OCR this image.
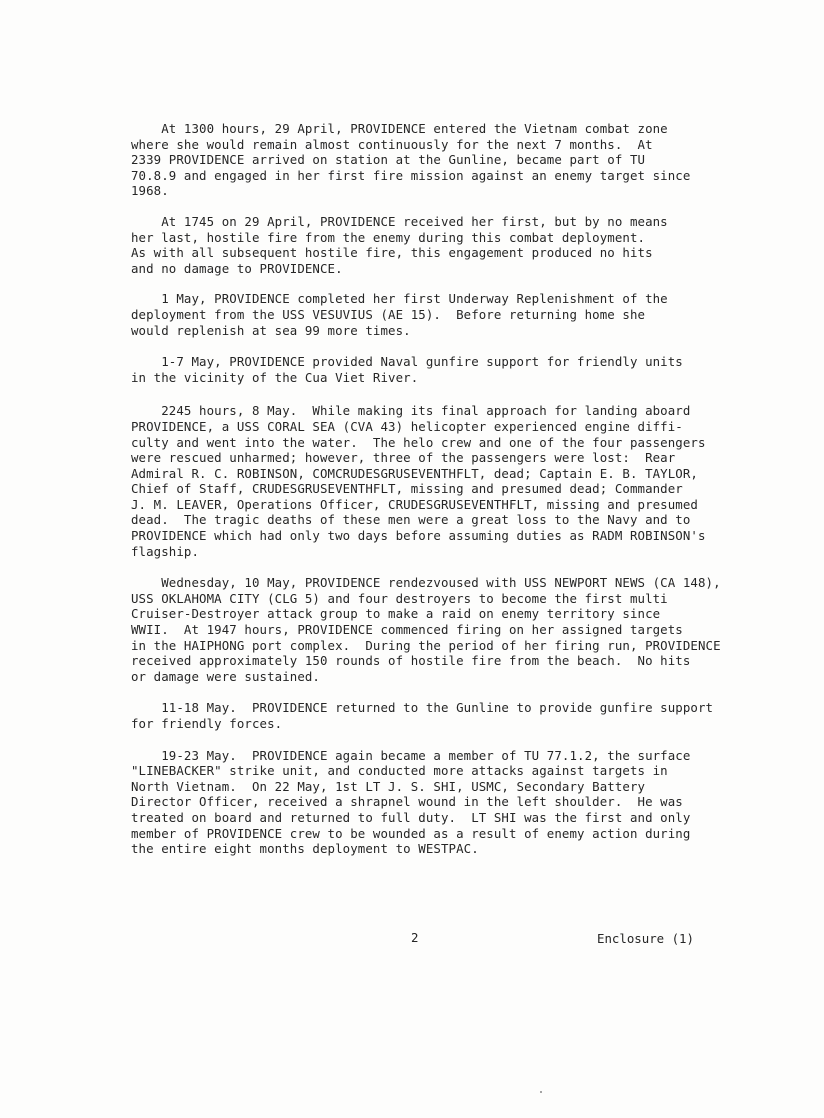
At 1300 hours, 29 April, PROVIDENCE entered the Vietnam combat zone
where she would remain almost continuously for the next 7 months.  At
2339 PROVIDENCE arrived on station at the Gunline, became part of TU
70.8.9 and engaged in her first fire mission against an enemy target since
1968.

At 1745 on 29 April, PROVIDENCE received her first, but by no means
her last, hostile fire from the enemy during this combat deployment.
As with all subsequent hostile fire, this engagement produced no hits
and no damage to PROVIDENCE.

1 May, PROVIDENCE completed her first Underway Replenishment of the
deployment from the USS VESUVIUS (AE 15).  Before returning home she
would replenish at sea 99 more times.

1-7 May, PROVIDENCE provided Naval gunfire support for friendly units
in the vicinity of the Cua Viet River.

2245 hours, 8 May.  While making its final approach for landing aboard
PROVIDENCE, a USS CORAL SEA (CVA 43) helicopter experienced engine diffi-
culty and went into the water.  The helo crew and one of the four passengers
were rescued unharmed; however, three of the passengers were lost:  Rear
Admiral R. C. ROBINSON, COMCRUDESGRUSEVENTHFLT, dead; Captain E. B. TAYLOR,
Chief of Staff, CRUDESGRUSEVENTHFLT, missing and presumed dead; Commander
J. M. LEAVER, Operations Officer, CRUDESGRUSEVENTHFLT, missing and presumed
dead.  The tragic deaths of these men were a great loss to the Navy and to
PROVIDENCE which had only two days before assuming duties as RADM ROBINSON's
flagship.

Wednesday, 10 May, PROVIDENCE rendezvoused with USS NEWPORT NEWS (CA 148),
USS OKLAHOMA CITY (CLG 5) and four destroyers to become the first multi
Cruiser-Destroyer attack group to make a raid on enemy territory since
WWII.  At 1947 hours, PROVIDENCE commenced firing on her assigned targets
in the HAIPHONG port complex.  During the period of her firing run, PROVIDENCE
received approximately 150 rounds of hostile fire from the beach.  No hits
or damage were sustained.

11-18 May.  PROVIDENCE returned to the Gunline to provide gunfire support
for friendly forces.

19-23 May.  PROVIDENCE again became a member of TU 77.1.2, the surface
"LINEBACKER" strike unit, and conducted more attacks against targets in
North Vietnam.  On 22 May, 1st LT J. S. SHI, USMC, Secondary Battery
Director Officer, received a shrapnel wound in the left shoulder.  He was
treated on board and returned to full duty.  LT SHI was the first and only
member of PROVIDENCE crew to be wounded as a result of enemy action during
the entire eight months deployment to WESTPAC.

2	Enclosure (1)
